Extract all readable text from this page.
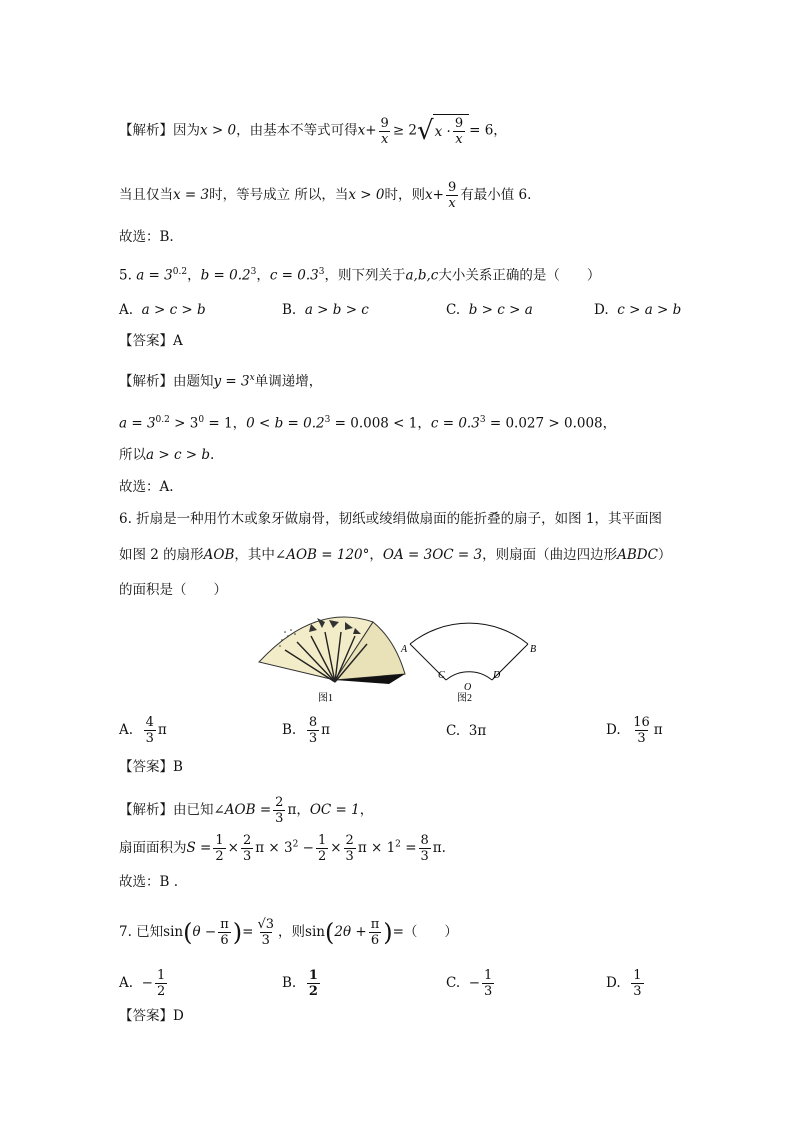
【解析】因为x > 0，由基本不等式可得$x+ \frac{9}{x} \ge 2$ √ $x \cdot \frac{9}{x} = 6$，
当且仅当x = 3时，等号成立 所以，当x > 0时，则$x+ \frac{9}{x}$ 有最小值 6.
故选：B.
5. $a = 3^{0.2}$，$b = 0.2^3$，$c = 0.3^3$，则下列关于a,b,c大小关系正确的是（　　）
A. a > c > b	B. a > b > c	C. b > c > a	D. c > a > b
【答案】A
【解析】由题知$y = 3^x$单调递增，
$a = 3^{0.2} > 3^0 = 1$，$0 < b = 0.2^3 = 0.008 < 1$，$c = 0.3^3 = 0.027 > 0.008$，
所以a > c > b.
故选：A.
6. 折扇是一种用竹木或象牙做扇骨，韧纸或绫绢做扇面的能折叠的扇子，如图 1，其平面图
如图 2 的扇形AOB，其中∠AOB = 120°，OA = 3OC = 3，则扇面（曲边四边形ABDC）
的面积是（　　）
图1
A	B
C	D
O
图2
A. $\frac{4}{3}$ π	B. $\frac{8}{3}$ π	C. 3π	D. $\frac{16}{3}$ π
【答案】B
【解析】由已知∠AOB = $\frac{2}{3}$ π，OC = 1，
扇面面积为$S = \frac{1}{2} \times \frac{2}{3}$ $\pi \times 3^2 - \frac{1}{2} \times \frac{2}{3}$ $\pi \times 1^2 = \frac{8}{3} \pi$.
故选：B .
7. 已知$\sin(\theta - \frac{\pi}{6}$ )= $\frac{√3}{3}$ ，则$\sin(2\theta + \frac{\pi}{6}$ )=（　　）
A. − $\frac{1}{2}$	B. $\frac{1}{2}$	C. − $\frac{1}{3}$	D. $\frac{1}{3}$
【答案】D
